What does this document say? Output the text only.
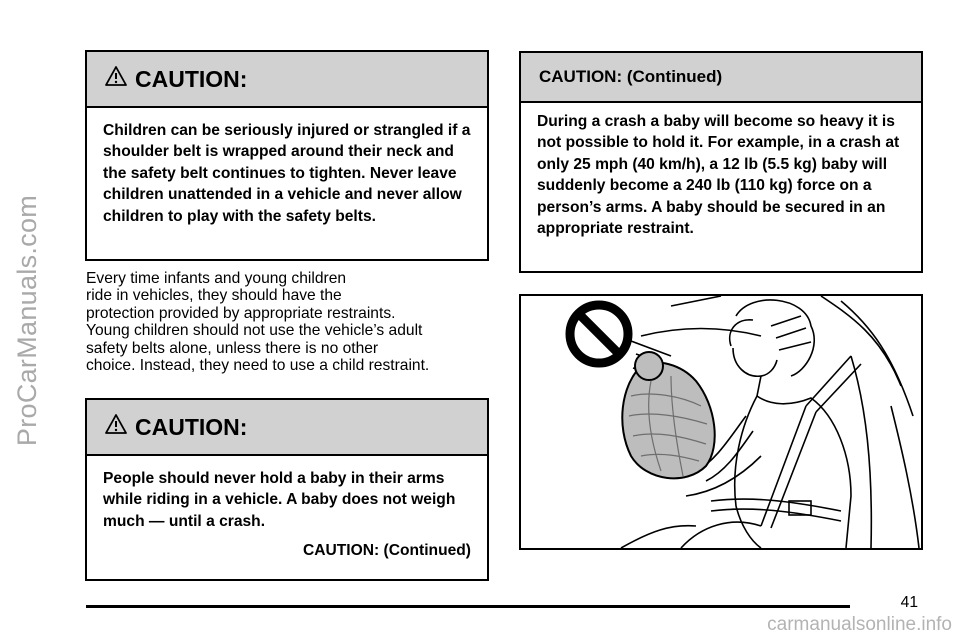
ProCarManuals.com
CAUTION:
Children can be seriously injured or strangled if a shoulder belt is wrapped around their neck and the safety belt continues to tighten. Never leave children unattended in a vehicle and never allow children to play with the safety belts.

Every time infants and young children
ride in vehicles, they should have the
protection provided by appropriate restraints.
Young children should not use the vehicle’s adult
safety belts alone, unless there is no other
choice. Instead, they need to use a child restraint.

CAUTION:
People should never hold a baby in their arms while riding in a vehicle. A baby does not weigh much — until a crash.
CAUTION: (Continued)
CAUTION: (Continued)
During a crash a baby will become so heavy it is not possible to hold it. For example, in a crash at only 25 mph (40 km/h), a 12 lb (5.5 kg) baby will suddenly become a 240 lb (110 kg) force on a person’s arms. A baby should be secured in an appropriate restraint.
41
carmanualsonline.info
